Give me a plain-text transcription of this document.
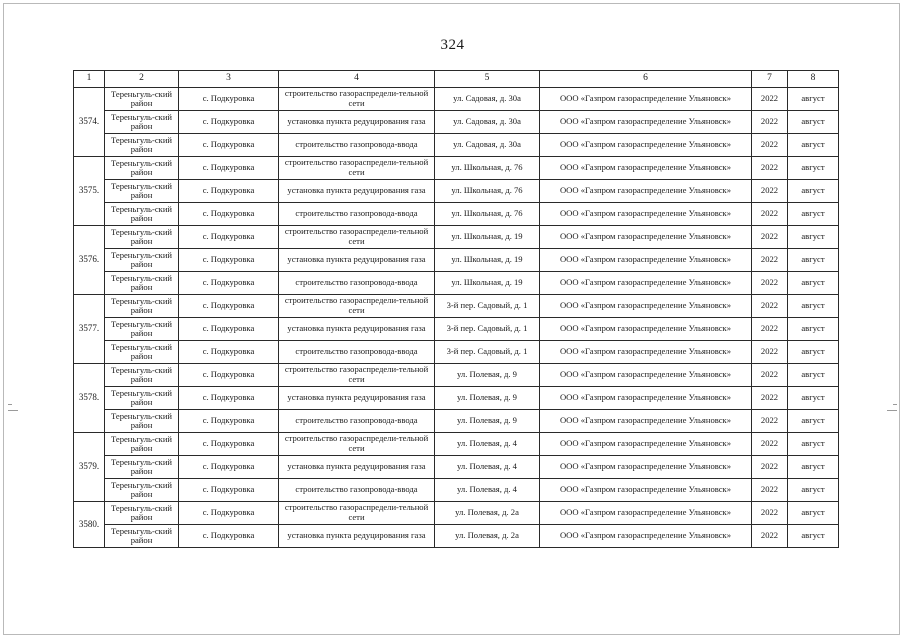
324
1	2	3	4	5	6	7	8
3574.	Тереньгуль-ский район	с. Подкуровка	строительство газораспредели-тельной сети	ул. Садовая, д. 30а	ООО «Газпром газораспределение Ульяновск»	2022	август
	Тереньгуль-ский район	с. Подкуровка	установка пункта редуцирования газа	ул. Садовая, д. 30а	ООО «Газпром газораспределение Ульяновск»	2022	август
	Тереньгуль-ский район	с. Подкуровка	строительство газопровода-ввода	ул. Садовая, д. 30а	ООО «Газпром газораспределение Ульяновск»	2022	август
3575.	Тереньгуль-ский район	с. Подкуровка	строительство газораспредели-тельной сети	ул. Школьная, д. 76	ООО «Газпром газораспределение Ульяновск»	2022	август
	Тереньгуль-ский район	с. Подкуровка	установка пункта редуцирования газа	ул. Школьная, д. 76	ООО «Газпром газораспределение Ульяновск»	2022	август
	Тереньгуль-ский район	с. Подкуровка	строительство газопровода-ввода	ул. Школьная, д. 76	ООО «Газпром газораспределение Ульяновск»	2022	август
3576.	Тереньгуль-ский район	с. Подкуровка	строительство газораспредели-тельной сети	ул. Школьная, д. 19	ООО «Газпром газораспределение Ульяновск»	2022	август
	Тереньгуль-ский район	с. Подкуровка	установка пункта редуцирования газа	ул. Школьная, д. 19	ООО «Газпром газораспределение Ульяновск»	2022	август
	Тереньгуль-ский район	с. Подкуровка	строительство газопровода-ввода	ул. Школьная, д. 19	ООО «Газпром газораспределение Ульяновск»	2022	август
3577.	Тереньгуль-ский район	с. Подкуровка	строительство газораспредели-тельной сети	3-й пер. Садовый, д. 1	ООО «Газпром газораспределение Ульяновск»	2022	август
	Тереньгуль-ский район	с. Подкуровка	установка пункта редуцирования газа	3-й пер. Садовый, д. 1	ООО «Газпром газораспределение Ульяновск»	2022	август
	Тереньгуль-ский район	с. Подкуровка	строительство газопровода-ввода	3-й пер. Садовый, д. 1	ООО «Газпром газораспределение Ульяновск»	2022	август
3578.	Тереньгуль-ский район	с. Подкуровка	строительство газораспредели-тельной сети	ул. Полевая, д. 9	ООО «Газпром газораспределение Ульяновск»	2022	август
	Тереньгуль-ский район	с. Подкуровка	установка пункта редуцирования газа	ул. Полевая, д. 9	ООО «Газпром газораспределение Ульяновск»	2022	август
	Тереньгуль-ский район	с. Подкуровка	строительство газопровода-ввода	ул. Полевая, д. 9	ООО «Газпром газораспределение Ульяновск»	2022	август
3579.	Тереньгуль-ский район	с. Подкуровка	строительство газораспредели-тельной сети	ул. Полевая, д. 4	ООО «Газпром газораспределение Ульяновск»	2022	август
	Тереньгуль-ский район	с. Подкуровка	установка пункта редуцирования газа	ул. Полевая, д. 4	ООО «Газпром газораспределение Ульяновск»	2022	август
	Тереньгуль-ский район	с. Подкуровка	строительство газопровода-ввода	ул. Полевая, д. 4	ООО «Газпром газораспределение Ульяновск»	2022	август
3580.	Тереньгуль-ский район	с. Подкуровка	строительство газораспредели-тельной сети	ул. Полевая, д. 2а	ООО «Газпром газораспределение Ульяновск»	2022	август
	Тереньгуль-ский район	с. Подкуровка	установка пункта редуцирования газа	ул. Полевая, д. 2а	ООО «Газпром газораспределение Ульяновск»	2022	август
